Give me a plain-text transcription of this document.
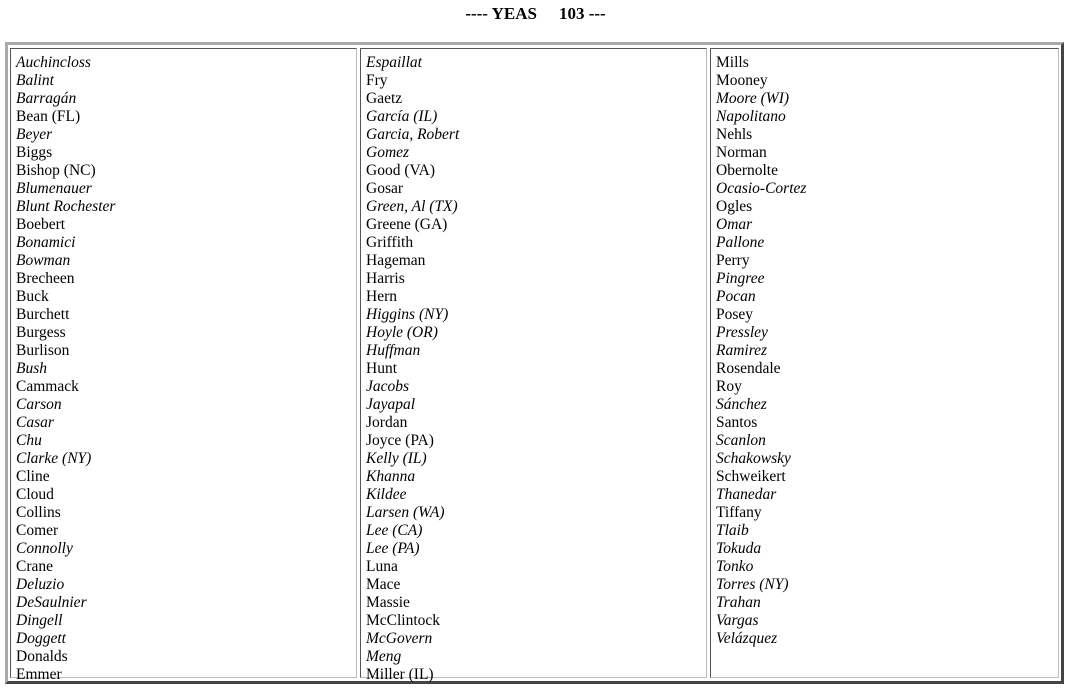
---- YEAS 103 ---
Auchincloss
Balint
Barragán
Bean (FL)
Beyer
Biggs
Bishop (NC)
Blumenauer
Blunt Rochester
Boebert
Bonamici
Bowman
Brecheen
Buck
Burchett
Burgess
Burlison
Bush
Cammack
Carson
Casar
Chu
Clarke (NY)
Cline
Cloud
Collins
Comer
Connolly
Crane
Deluzio
DeSaulnier
Dingell
Doggett
Donalds
Emmer
Espaillat
Fry
Gaetz
García (IL)
Garcia, Robert
Gomez
Good (VA)
Gosar
Green, Al (TX)
Greene (GA)
Griffith
Hageman
Harris
Hern
Higgins (NY)
Hoyle (OR)
Huffman
Hunt
Jacobs
Jayapal
Jordan
Joyce (PA)
Kelly (IL)
Khanna
Kildee
Larsen (WA)
Lee (CA)
Lee (PA)
Luna
Mace
Massie
McClintock
McGovern
Meng
Miller (IL)
Mills
Mooney
Moore (WI)
Napolitano
Nehls
Norman
Obernolte
Ocasio-Cortez
Ogles
Omar
Pallone
Perry
Pingree
Pocan
Posey
Pressley
Ramirez
Rosendale
Roy
Sánchez
Santos
Scanlon
Schakowsky
Schweikert
Thanedar
Tiffany
Tlaib
Tokuda
Tonko
Torres (NY)
Trahan
Vargas
Velázquez
